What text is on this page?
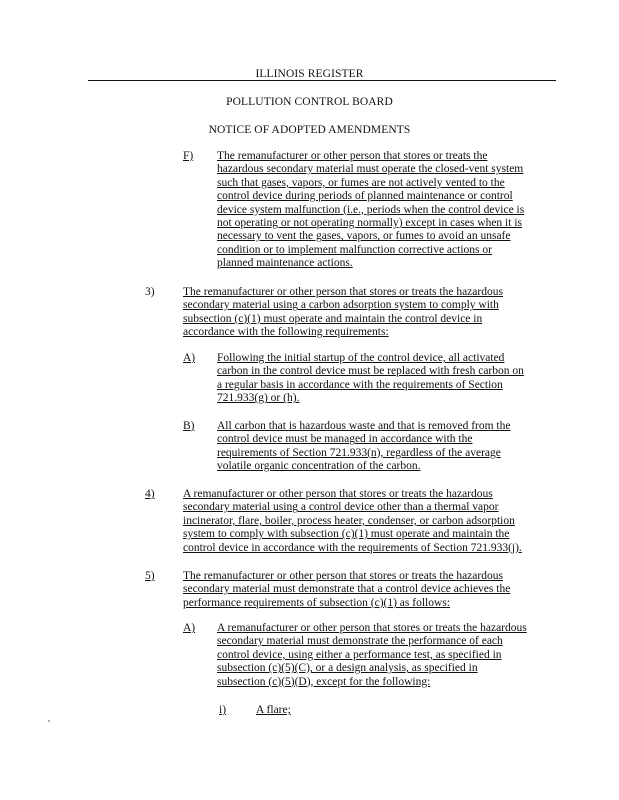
ILLINOIS REGISTER
POLLUTION CONTROL BOARD
NOTICE OF ADOPTED AMENDMENTS
F) The remanufacturer or other person that stores or treats the
hazardous secondary material must operate the closed-vent system
such that gases, vapors, or fumes are not actively vented to the
control device during periods of planned maintenance or control
device system malfunction (i.e., periods when the control device is
not operating or not operating normally) except in cases when it is
necessary to vent the gases, vapors, or fumes to avoid an unsafe
condition or to implement malfunction corrective actions or
planned maintenance actions.
3) The remanufacturer or other person that stores or treats the hazardous
secondary material using a carbon adsorption system to comply with
subsection (c)(1) must operate and maintain the control device in
accordance with the following requirements:
A) Following the initial startup of the control device, all activated
carbon in the control device must be replaced with fresh carbon on
a regular basis in accordance with the requirements of Section
721.933(g) or (h).
B) All carbon that is hazardous waste and that is removed from the
control device must be managed in accordance with the
requirements of Section 721.933(n), regardless of the average
volatile organic concentration of the carbon.
4) A remanufacturer or other person that stores or treats the hazardous
secondary material using a control device other than a thermal vapor
incinerator, flare, boiler, process heater, condenser, or carbon adsorption
system to comply with subsection (c)(1) must operate and maintain the
control device in accordance with the requirements of Section 721.933(j).
5) The remanufacturer or other person that stores or treats the hazardous
secondary material must demonstrate that a control device achieves the
performance requirements of subsection (c)(1) as follows:
A) A remanufacturer or other person that stores or treats the hazardous
secondary material must demonstrate the performance of each
control device, using either a performance test, as specified in
subsection (c)(5)(C), or a design analysis, as specified in
subsection (c)(5)(D), except for the following:
i)	A flare;
